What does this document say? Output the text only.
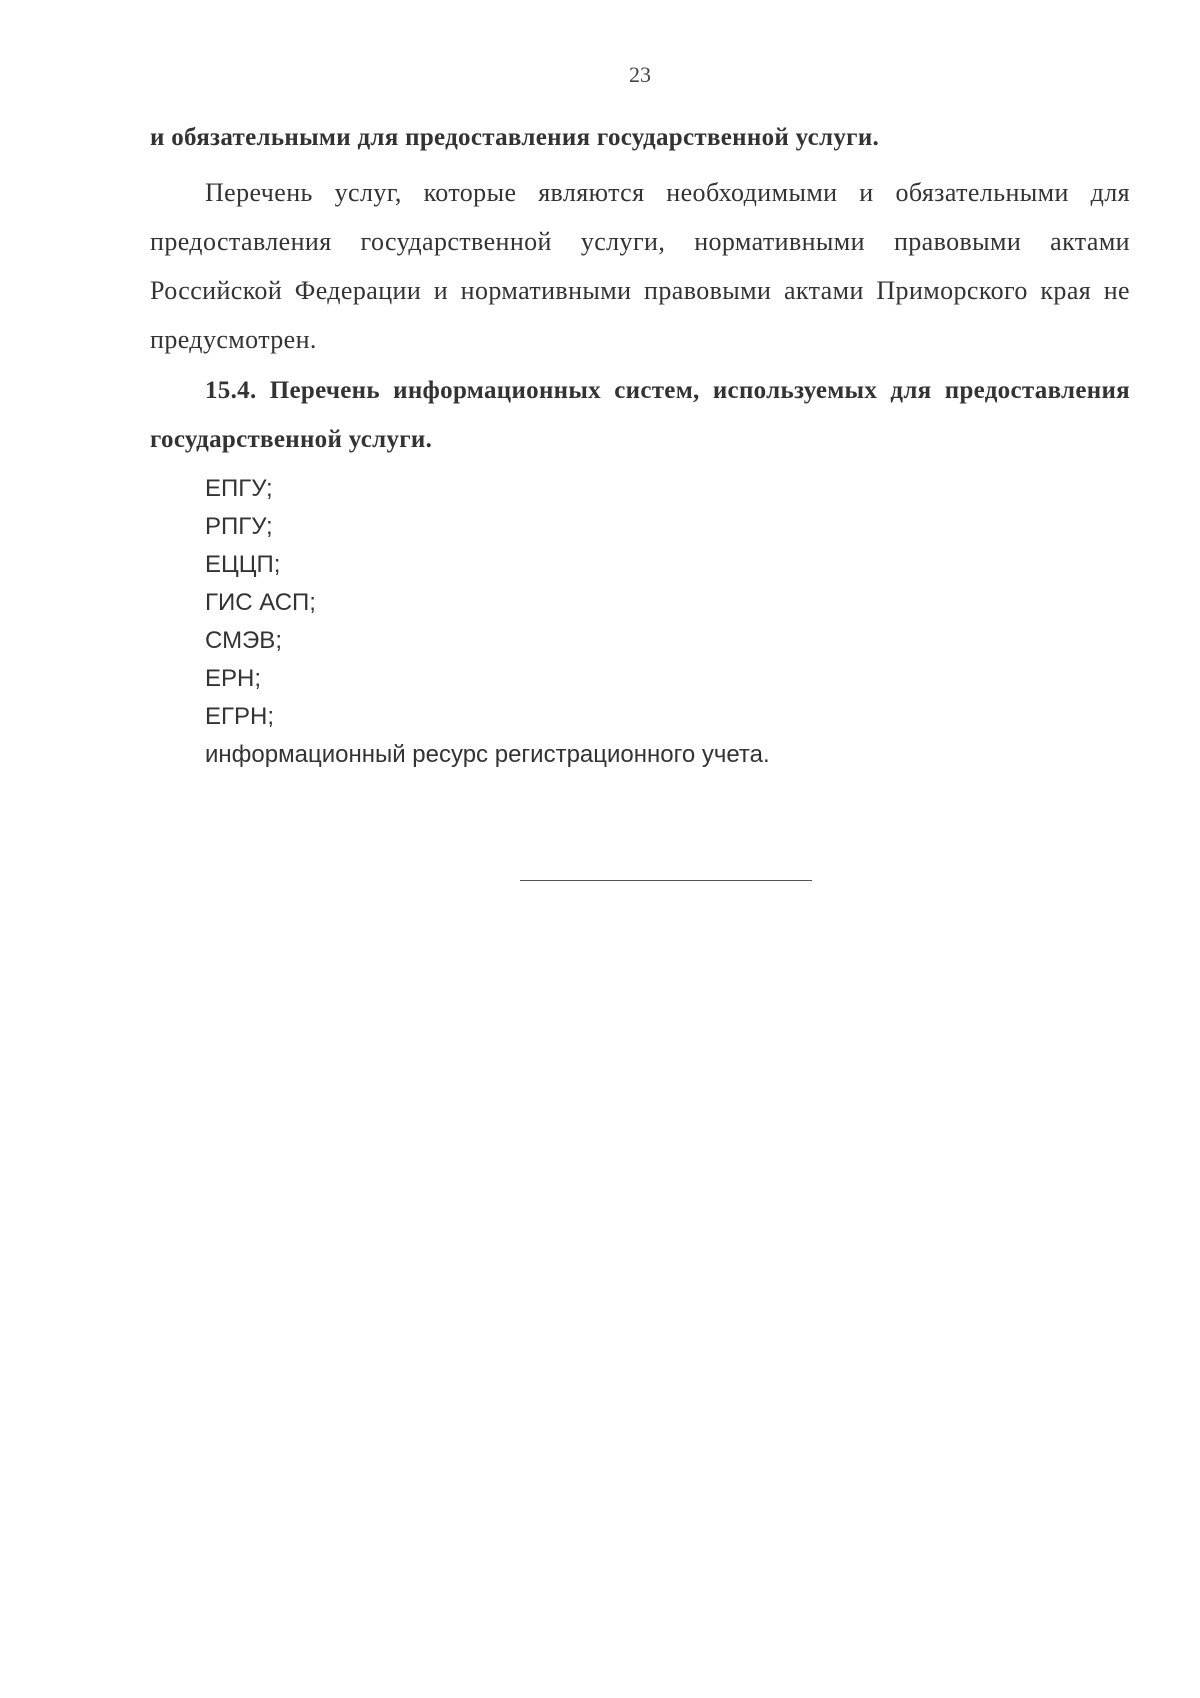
23
и обязательными для предоставления государственной услуги.
Перечень услуг, которые являются необходимыми и обязательными для предоставления государственной услуги, нормативными правовыми актами Российской Федерации и нормативными правовыми актами Приморского края не предусмотрен.
15.4. Перечень информационных систем, используемых для предоставления государственной услуги.
ЕПГУ;
РПГУ;
ЕЦЦП;
ГИС АСП;
СМЭВ;
ЕРН;
ЕГРН;
информационный ресурс регистрационного учета.
